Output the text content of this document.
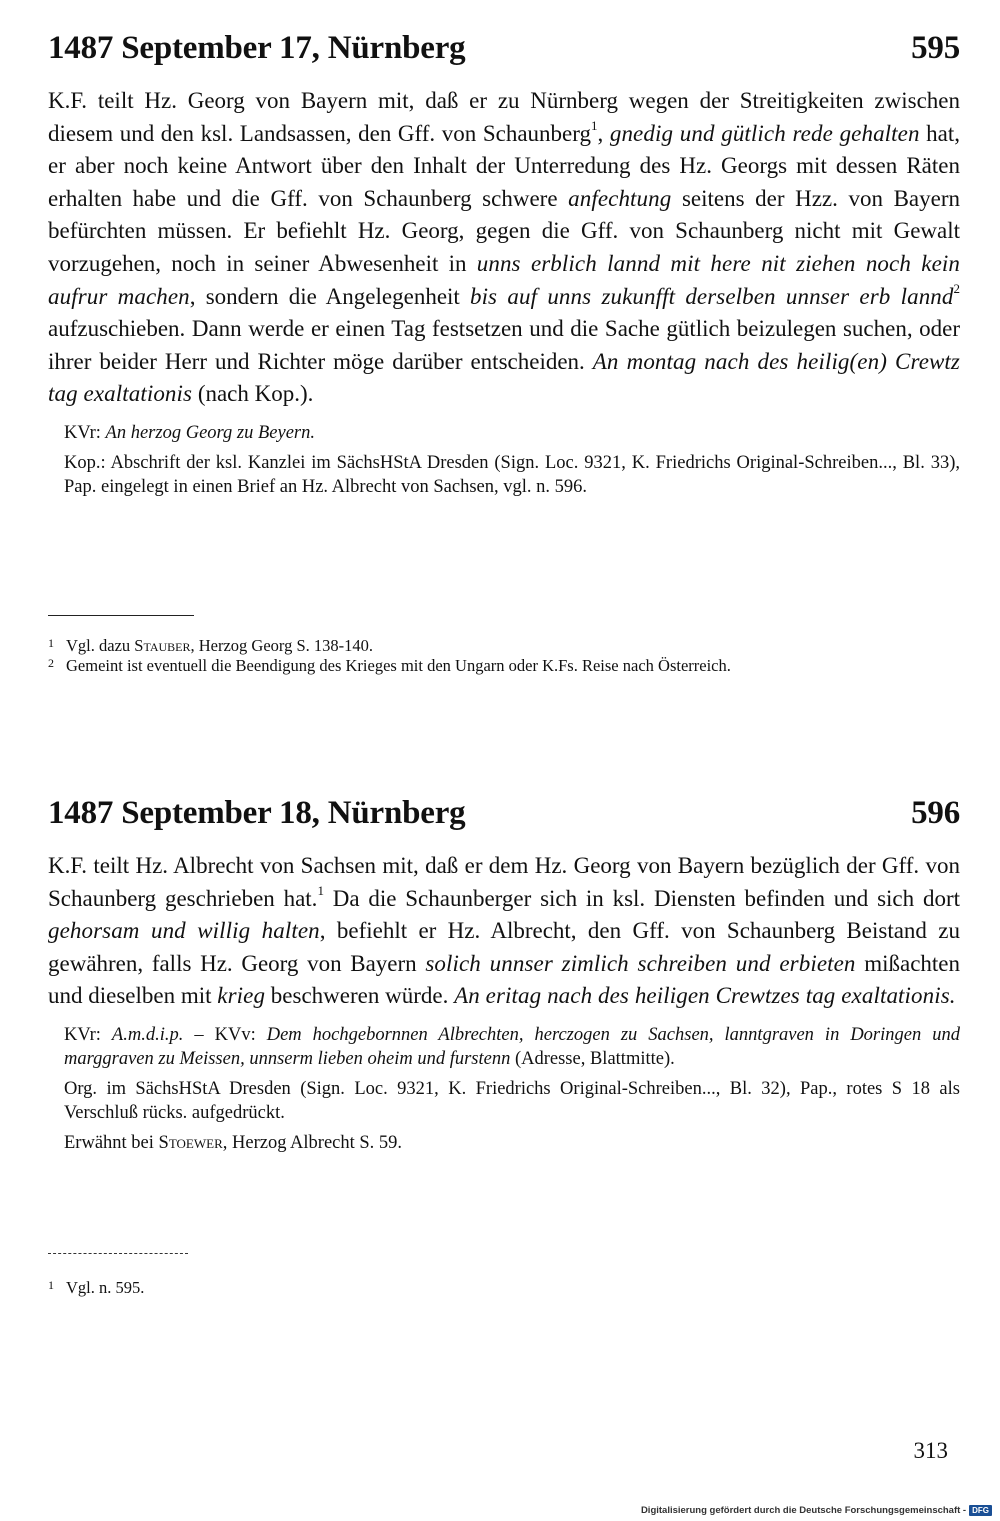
1487 September 17, Nürnberg	595

K.F. teilt Hz. Georg von Bayern mit, daß er zu Nürnberg wegen der Streitigkeiten zwischen diesem und den ksl. Landsassen, den Gff. von Schaunberg$^1$, gnedig und gütlich rede gehalten hat, er aber noch keine Antwort über den Inhalt der Unterredung des Hz. Georgs mit dessen Räten erhalten habe und die Gff. von Schaunberg schwere anfechtung seitens der Hzz. von Bayern befürchten müssen. Er befiehlt Hz. Georg, gegen die Gff. von Schaunberg nicht mit Gewalt vorzugehen, noch in seiner Abwesenheit in unns erblich lannd mit here nit ziehen noch kein aufrur machen, sondern die Angelegenheit bis auf unns zukunfft derselben unnser erb lannd$^2$ aufzuschieben. Dann werde er einen Tag festsetzen und die Sache gütlich beizulegen suchen, oder ihrer beider Herr und Richter möge darüber entscheiden. An montag nach des heilig(en) Crewtz tag exaltationis (nach Kop.).

KVr: An herzog Georg zu Beyern.

Kop.: Abschrift der ksl. Kanzlei im SächsHStA Dresden (Sign. Loc. 9321, K. Friedrichs Original-Schreiben..., Bl. 33), Pap. eingelegt in einen Brief an Hz. Albrecht von Sachsen, vgl. n. 596.

1 Vgl. dazu Stauber, Herzog Georg S. 138-140.
2 Gemeint ist eventuell die Beendigung des Krieges mit den Ungarn oder K.Fs. Reise nach Österreich.
1487 September 18, Nürnberg	596

K.F. teilt Hz. Albrecht von Sachsen mit, daß er dem Hz. Georg von Bayern bezüglich der Gff. von Schaunberg geschrieben hat.$^1$ Da die Schaunberger sich in ksl. Diensten befinden und sich dort gehorsam und willig halten, befiehlt er Hz. Albrecht, den Gff. von Schaunberg Beistand zu gewähren, falls Hz. Georg von Bayern solich unnser zimlich schreiben und erbieten mißachten und dieselben mit krieg beschweren würde. An eritag nach des heiligen Crewtzes tag exaltationis.

KVr: A.m.d.i.p. – KVv: Dem hochgebornnen Albrechten, herczogen zu Sachsen, lanntgraven in Doringen und marggraven zu Meissen, unnserm lieben oheim und furstenn (Adresse, Blattmitte).

Org. im SächsHStA Dresden (Sign. Loc. 9321, K. Friedrichs Original-Schreiben..., Bl. 32), Pap., rotes S 18 als Verschluß rücks. aufgedrückt.

Erwähnt bei Stoewer, Herzog Albrecht S. 59.

1 Vgl. n. 595.
313
Digitalisierung gefördert durch die Deutsche Forschungsgemeinschaft - DFG
